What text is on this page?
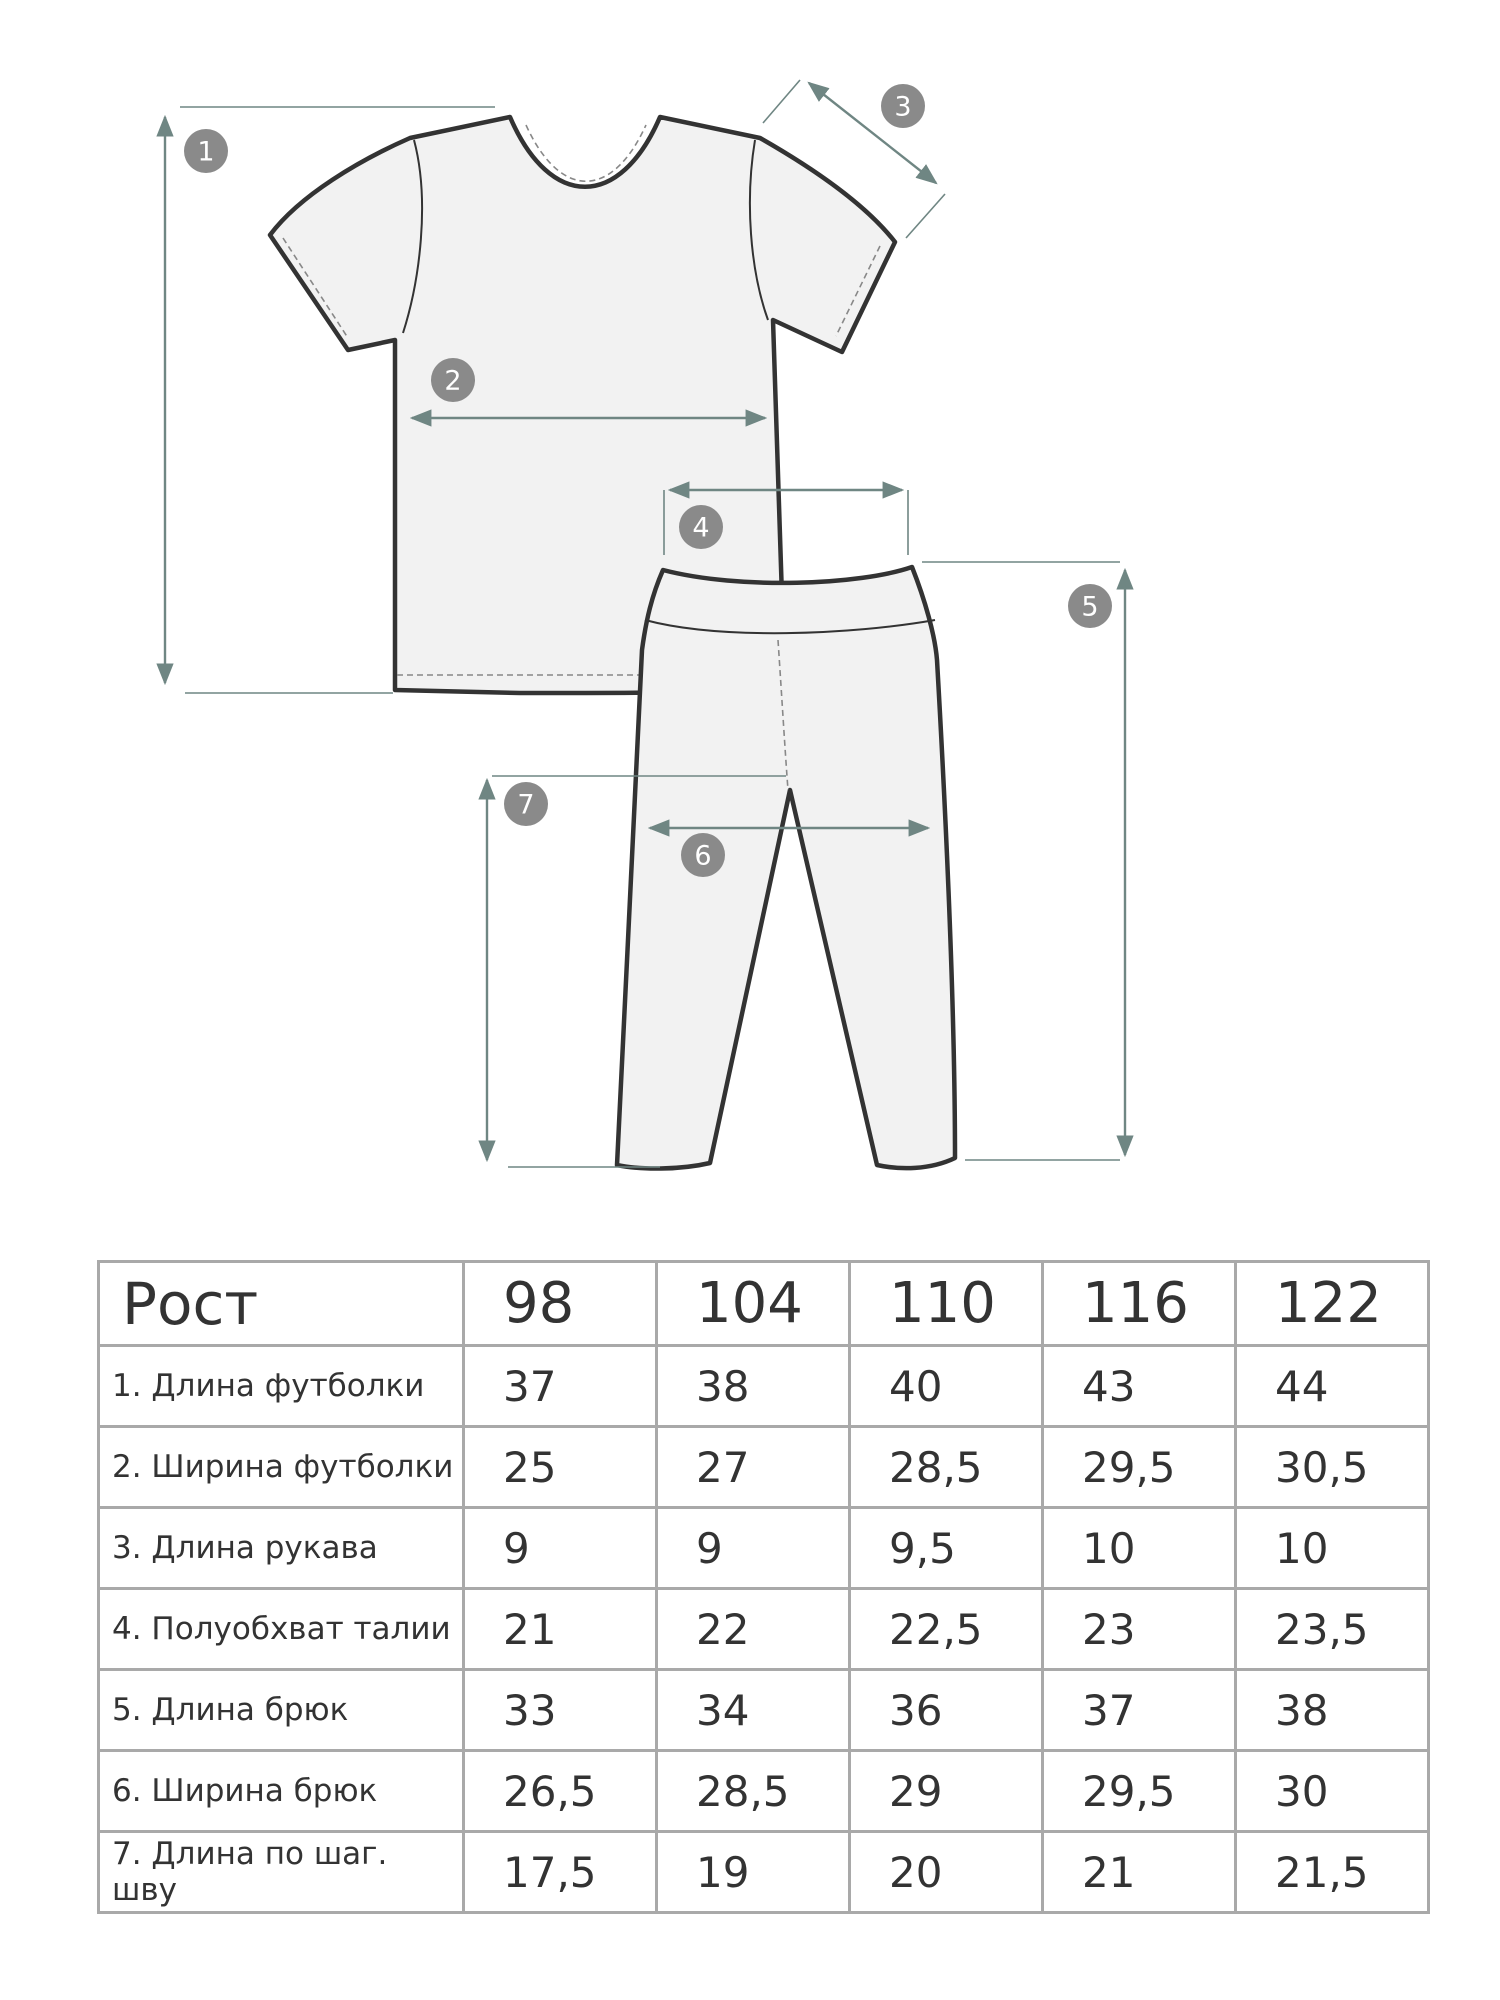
1
2
3
4
5
6
7
Рост	98	104	110	116	122
1. Длина футболки	37	38	40	43	44
2. Ширина футболки	25	27	28,5	29,5	30,5
3. Длина рукава	9	9	9,5	10	10
4. Полуобхват талии	21	22	22,5	23	23,5
5. Длина брюк	33	34	36	37	38
6. Ширина брюк	26,5	28,5	29	29,5	30
7. Длина по шаг. шву	17,5	19	20	21	21,5
